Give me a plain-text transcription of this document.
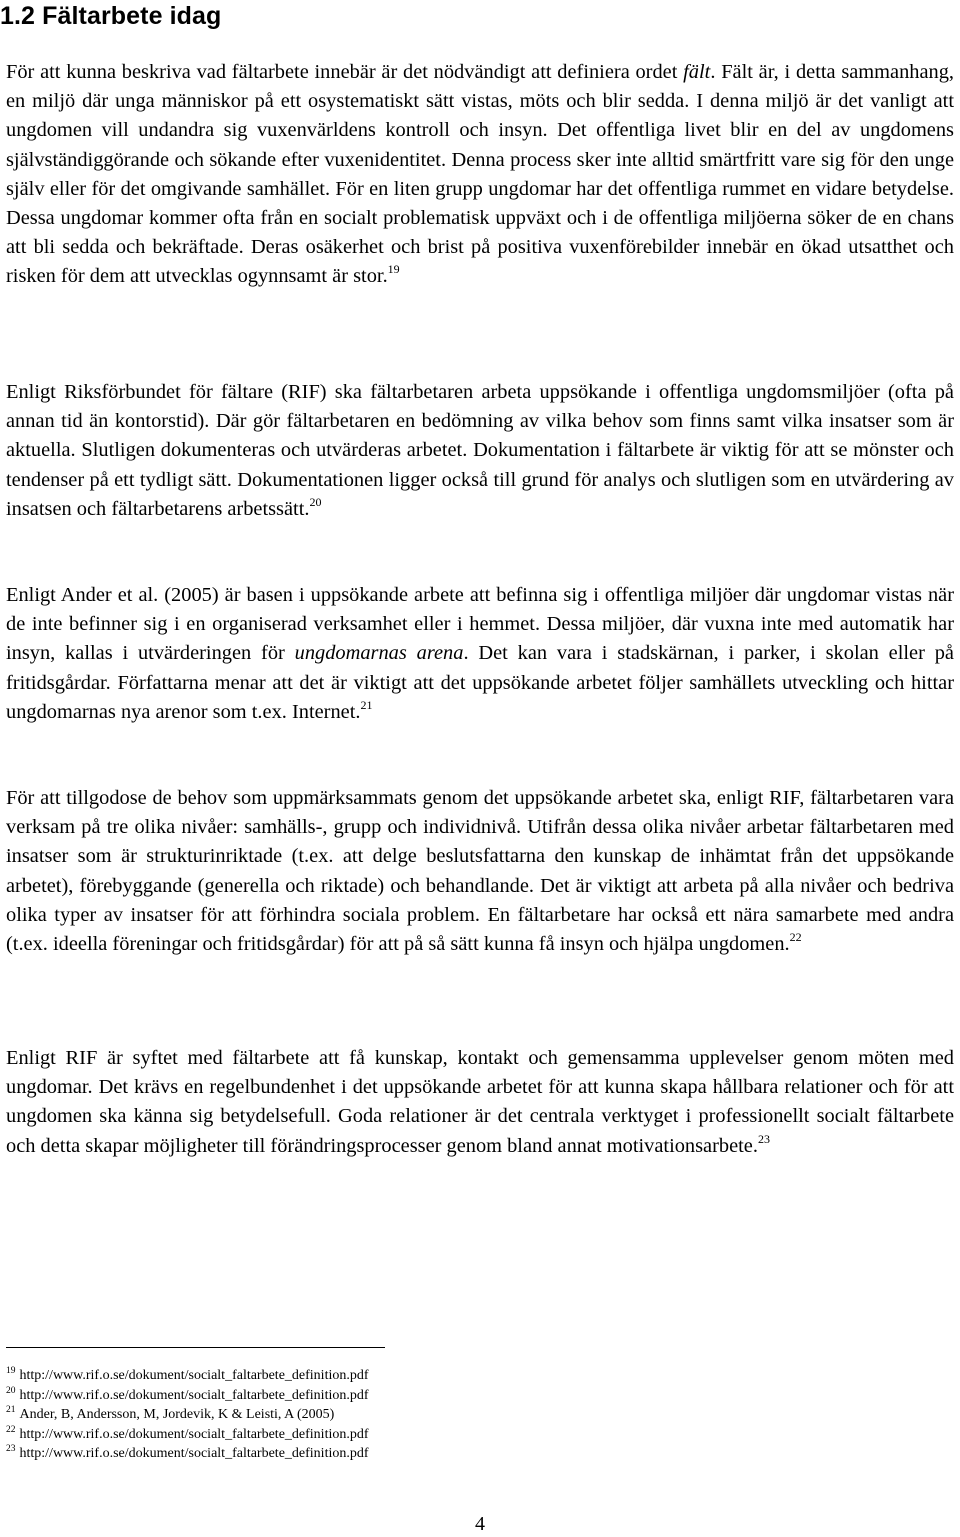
1.2 Fältarbete idag

För att kunna beskriva vad fältarbete innebär är det nödvändigt att definiera ordet fält. Fält är, i detta sammanhang, en miljö där unga människor på ett osystematiskt sätt vistas, möts och blir sedda. I denna miljö är det vanligt att ungdomen vill undandra sig vuxenvärldens kontroll och insyn. Det offentliga livet blir en del av ungdomens självständiggörande och sökande efter vuxenidentitet. Denna process sker inte alltid smärtfritt vare sig för den unge själv eller för det omgivande samhället. För en liten grupp ungdomar har det offentliga rummet en vidare betydelse. Dessa ungdomar kommer ofta från en socialt problematisk uppväxt och i de offentliga miljöerna söker de en chans att bli sedda och bekräftade. Deras osäkerhet och brist på positiva vuxenförebilder innebär en ökad utsatthet och risken för dem att utvecklas ogynnsamt är stor.$^{19}$

Enligt Riksförbundet för fältare (RIF) ska fältarbetaren arbeta uppsökande i offentliga ungdomsmiljöer (ofta på annan tid än kontorstid). Där gör fältarbetaren en bedömning av vilka behov som finns samt vilka insatser som är aktuella. Slutligen dokumenteras och utvärderas arbetet. Dokumentation i fältarbete är viktig för att se mönster och tendenser på ett tydligt sätt. Dokumentationen ligger också till grund för analys och slutligen som en utvärdering av insatsen och fältarbetarens arbetssätt.$^{20}$

Enligt Ander et al. (2005) är basen i uppsökande arbete att befinna sig i offentliga miljöer där ungdomar vistas när de inte befinner sig i en organiserad verksamhet eller i hemmet. Dessa miljöer, där vuxna inte med automatik har insyn, kallas i utvärderingen för ungdomarnas arena. Det kan vara i stadskärnan, i parker, i skolan eller på fritidsgårdar. Författarna menar att det är viktigt att det uppsökande arbetet följer samhällets utveckling och hittar ungdomarnas nya arenor som t.ex. Internet.$^{21}$

För att tillgodose de behov som uppmärksammats genom det uppsökande arbetet ska, enligt RIF, fältarbetaren vara verksam på tre olika nivåer: samhälls-, grupp och individnivå. Utifrån dessa olika nivåer arbetar fältarbetaren med insatser som är strukturinriktade (t.ex. att delge beslutsfattarna den kunskap de inhämtat från det uppsökande arbetet), förebyggande (generella och riktade) och behandlande. Det är viktigt att arbeta på alla nivåer och bedriva olika typer av insatser för att förhindra sociala problem. En fältarbetare har också ett nära samarbete med andra (t.ex. ideella föreningar och fritidsgårdar) för att på så sätt kunna få insyn och hjälpa ungdomen.$^{22}$

Enligt RIF är syftet med fältarbete att få kunskap, kontakt och gemensamma upplevelser genom möten med ungdomar. Det krävs en regelbundenhet i det uppsökande arbetet för att kunna skapa hållbara relationer och för att ungdomen ska känna sig betydelsefull. Goda relationer är det centrala verktyget i professionellt socialt fältarbete och detta skapar möjligheter till förändringsprocesser genom bland annat motivationsarbete.$^{23}$

$^{19}$ http://www.rif.o.se/dokument/socialt_faltarbete_definition.pdf
$^{20}$ http://www.rif.o.se/dokument/socialt_faltarbete_definition.pdf
$^{21}$ Ander, B, Andersson, M, Jordevik, K & Leisti, A (2005)
$^{22}$ http://www.rif.o.se/dokument/socialt_faltarbete_definition.pdf
$^{23}$ http://www.rif.o.se/dokument/socialt_faltarbete_definition.pdf
4
